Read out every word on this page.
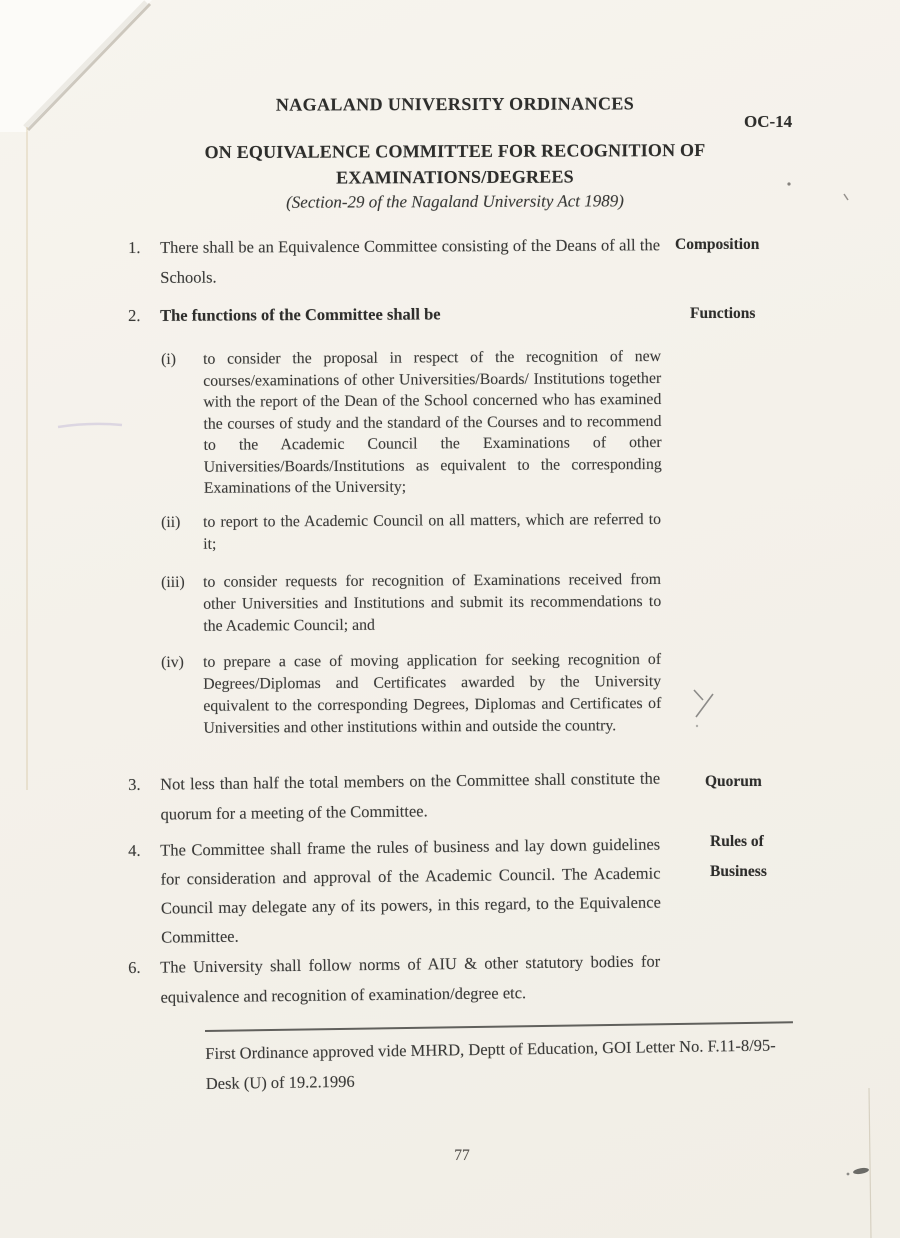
NAGALAND UNIVERSITY ORDINANCES
OC-14
ON EQUIVALENCE COMMITTEE FOR RECOGNITION OF
EXAMINATIONS/DEGREES
(Section-29 of the Nagaland University Act 1989)
1.	There shall be an Equivalence Committee consisting of the Deans of all the Schools.
Composition
2.	The functions of the Committee shall be	Functions
(i)	to consider the proposal in respect of the recognition of new courses/examinations of other Universities/Boards/ Institutions together with the report of the Dean of the School concerned who has examined the courses of study and the standard of the Courses and to recommend to the Academic Council the Examinations of other Universities/Boards/Institutions as equivalent to the corresponding Examinations of the University;
(ii)	to report to the Academic Council on all matters, which are referred to it;
(iii)	to consider requests for recognition of Examinations received from other Universities and Institutions and submit its recommendations to the Academic Council; and
(iv)	to prepare a case of moving application for seeking recognition of Degrees/Diplomas and Certificates awarded by the University equivalent to the corresponding Degrees, Diplomas and Certificates of Universities and other institutions within and outside the country.
3.	Not less than half the total members on the Committee shall constitute the quorum for a meeting of the Committee.
Quorum
4.	The Committee shall frame the rules of business and lay down guidelines for consideration and approval of the Academic Council. The Academic Council may delegate any of its powers, in this regard, to the Equivalence Committee.
Rules of Business
6.	The University shall follow norms of AIU & other statutory bodies for equivalence and recognition of examination/degree etc.
First Ordinance approved vide MHRD, Deptt of Education, GOI Letter No. F.11-8/95-Desk (U) of 19.2.1996
77
